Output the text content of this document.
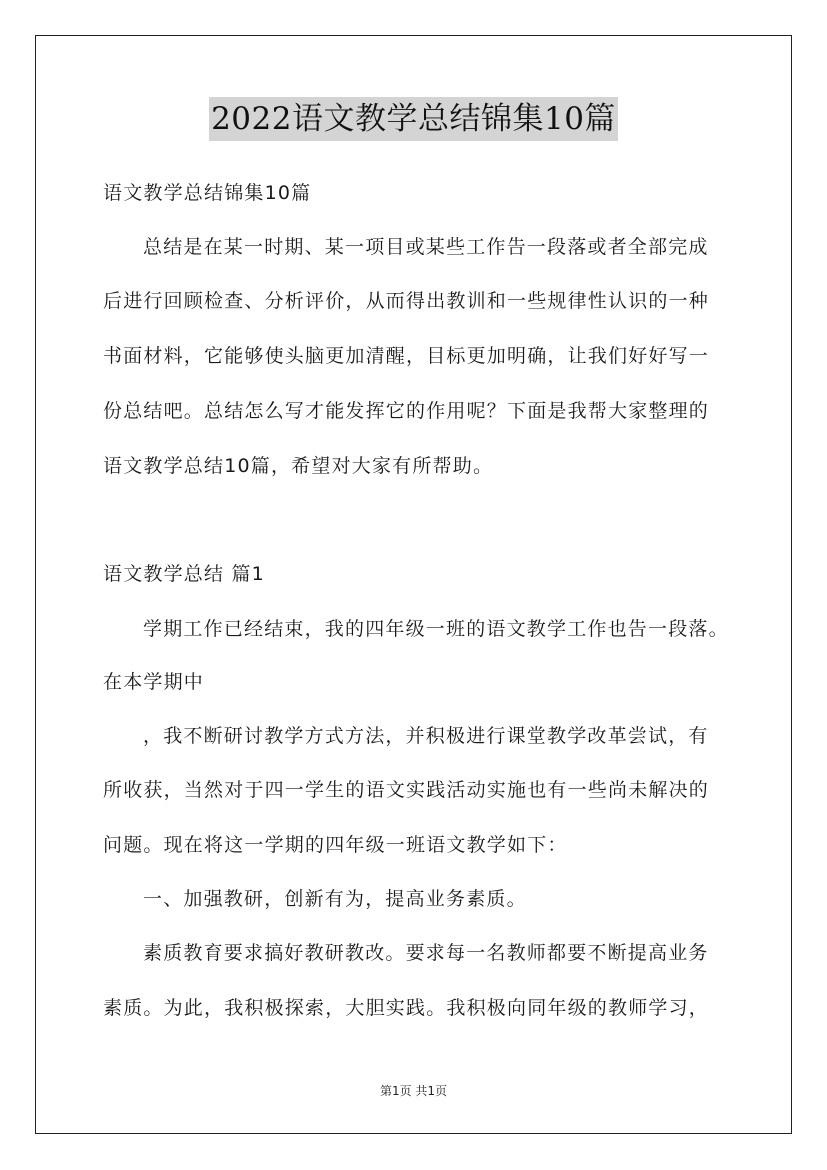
2022语文教学总结锦集10篇
语文教学总结锦集10篇
总结是在某一时期、某一项目或某些工作告一段落或者全部完成
后进行回顾检查、分析评价，从而得出教训和一些规律性认识的一种
书面材料，它能够使头脑更加清醒，目标更加明确，让我们好好写一
份总结吧。总结怎么写才能发挥它的作用呢？下面是我帮大家整理的
语文教学总结10篇，希望对大家有所帮助。
语文教学总结 篇1
学期工作已经结束，我的四年级一班的语文教学工作也告一段落。
在本学期中
，我不断研讨教学方式方法，并积极进行课堂教学改革尝试，有
所收获，当然对于四一学生的语文实践活动实施也有一些尚未解决的
问题。现在将这一学期的四年级一班语文教学如下：
一、加强教研，创新有为，提高业务素质。
素质教育要求搞好教研教改。要求每一名教师都要不断提高业务
素质。为此，我积极探索，大胆实践。我积极向同年级的教师学习，
第1页 共1页
